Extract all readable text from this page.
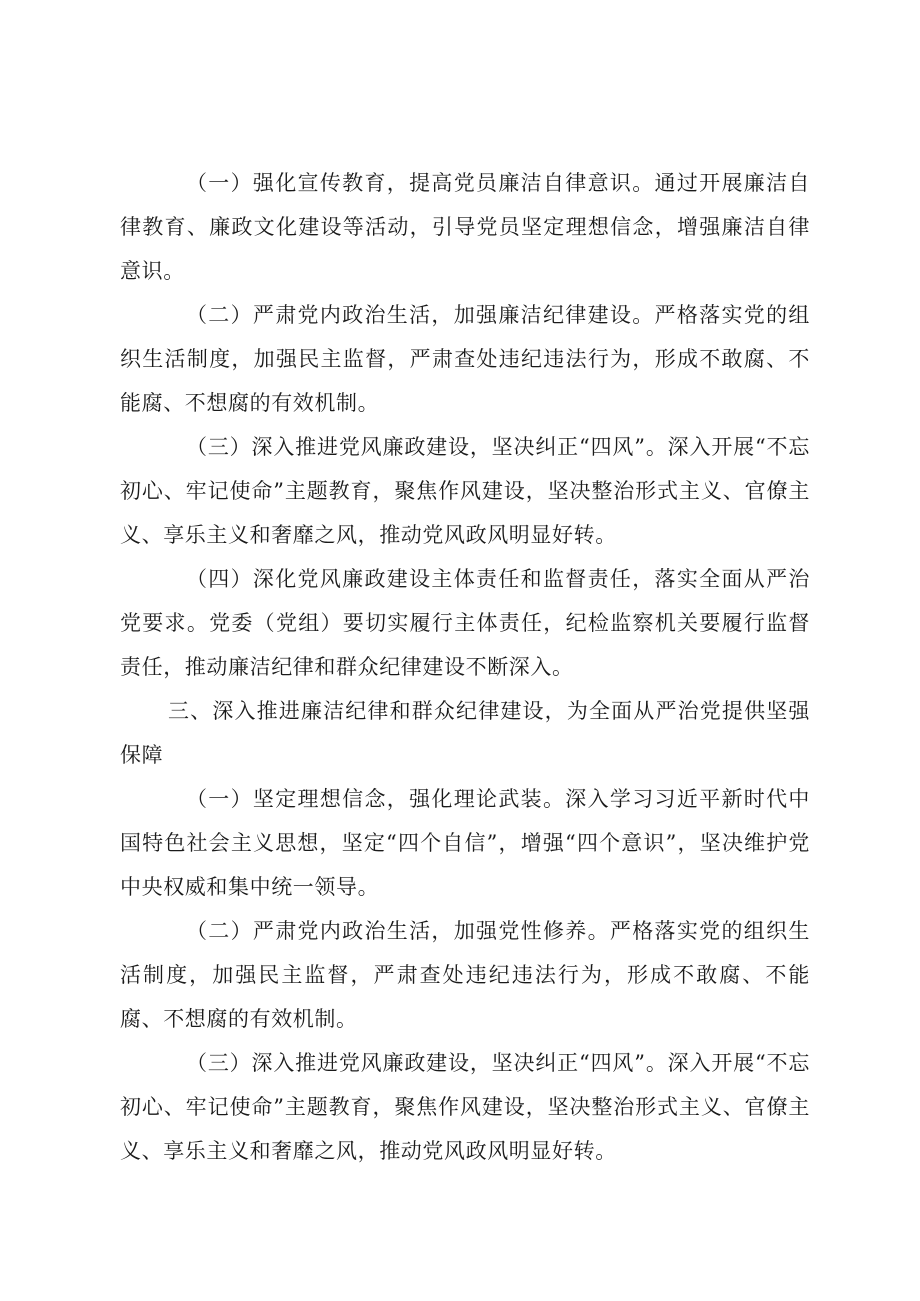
（一）强化宣传教育，提高党员廉洁自律意识。通过开展廉洁自律教育、廉政文化建设等活动，引导党员坚定理想信念，增强廉洁自律意识。

（二）严肃党内政治生活，加强廉洁纪律建设。严格落实党的组织生活制度，加强民主监督，严肃查处违纪违法行为，形成不敢腐、不能腐、不想腐的有效机制。

（三）深入推进党风廉政建设，坚决纠正“四风”。深入开展“不忘初心、牢记使命”主题教育，聚焦作风建设，坚决整治形式主义、官僚主义、享乐主义和奢靡之风，推动党风政风明显好转。

（四）深化党风廉政建设主体责任和监督责任，落实全面从严治党要求。党委（党组）要切实履行主体责任，纪检监察机关要履行监督责任，推动廉洁纪律和群众纪律建设不断深入。

三、深入推进廉洁纪律和群众纪律建设，为全面从严治党提供坚强保障

（一）坚定理想信念，强化理论武装。深入学习习近平新时代中国特色社会主义思想，坚定“四个自信”，增强“四个意识”，坚决维护党中央权威和集中统一领导。

（二）严肃党内政治生活，加强党性修养。严格落实党的组织生活制度，加强民主监督，严肃查处违纪违法行为，形成不敢腐、不能腐、不想腐的有效机制。

（三）深入推进党风廉政建设，坚决纠正“四风”。深入开展“不忘初心、牢记使命”主题教育，聚焦作风建设，坚决整治形式主义、官僚主义、享乐主义和奢靡之风，推动党风政风明显好转。
